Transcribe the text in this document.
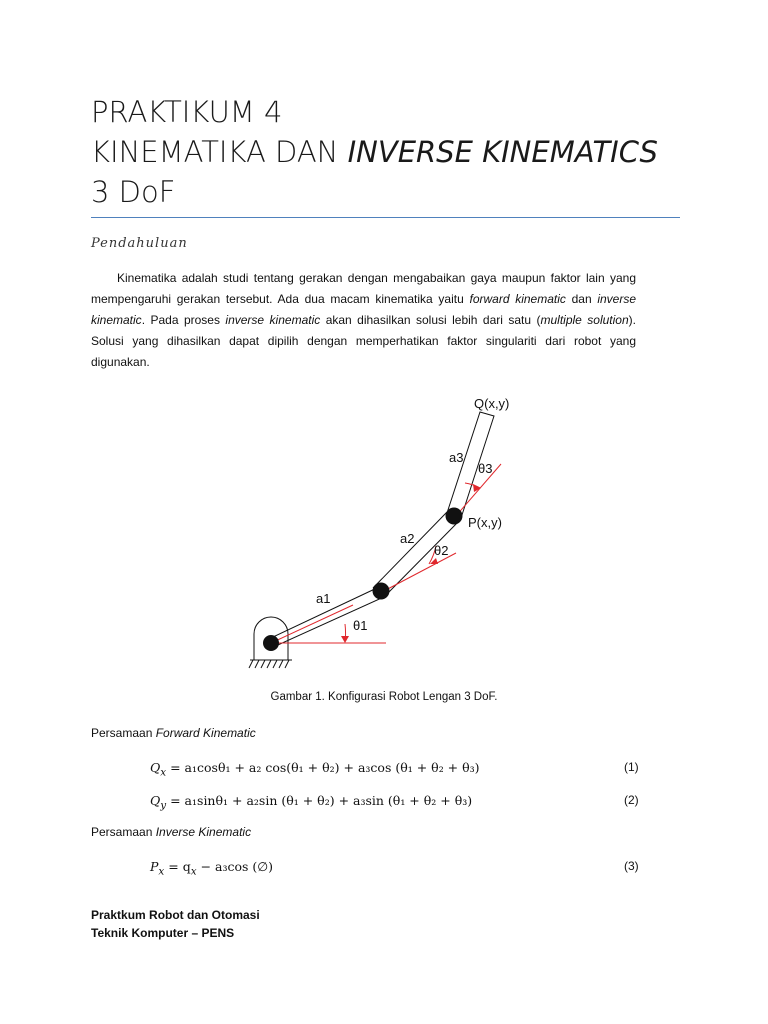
PRAKTIKUM 4
KINEMATIKA DAN INVERSE KINEMATICS
3 DoF
Pendahuluan
Kinematika adalah studi tentang gerakan dengan mengabaikan gaya maupun faktor lain yang mempengaruhi gerakan tersebut. Ada dua macam kinematika yaitu forward kinematic dan inverse kinematic. Pada proses inverse kinematic akan dihasilkan solusi lebih dari satu (multiple solution). Solusi yang dihasilkan dapat dipilih dengan memperhatikan faktor singulariti dari robot yang digunakan.
Q(x,y)
P(x,y)
a1
a2
a3
θ1
θ2
θ3
Gambar 1. Konfigurasi Robot Lengan 3 DoF.
Persamaan Forward Kinematic
$Q_x = a_1\cos\theta_1 + a_2$ cos(θ₁ + θ₂) + a₃cos (θ₁ + θ₂ + θ₃)	(1)
$Q_y = a_1\sin\theta_1 + a_2\sin$ (θ₁ + θ₂) + a₃sin (θ₁ + θ₂ + θ₃)	(2)
Persamaan Inverse Kinematic
$P_x = q_x - a_3\cos$ (∅)	(3)
Praktkum Robot dan Otomasi
Teknik Komputer – PENS
